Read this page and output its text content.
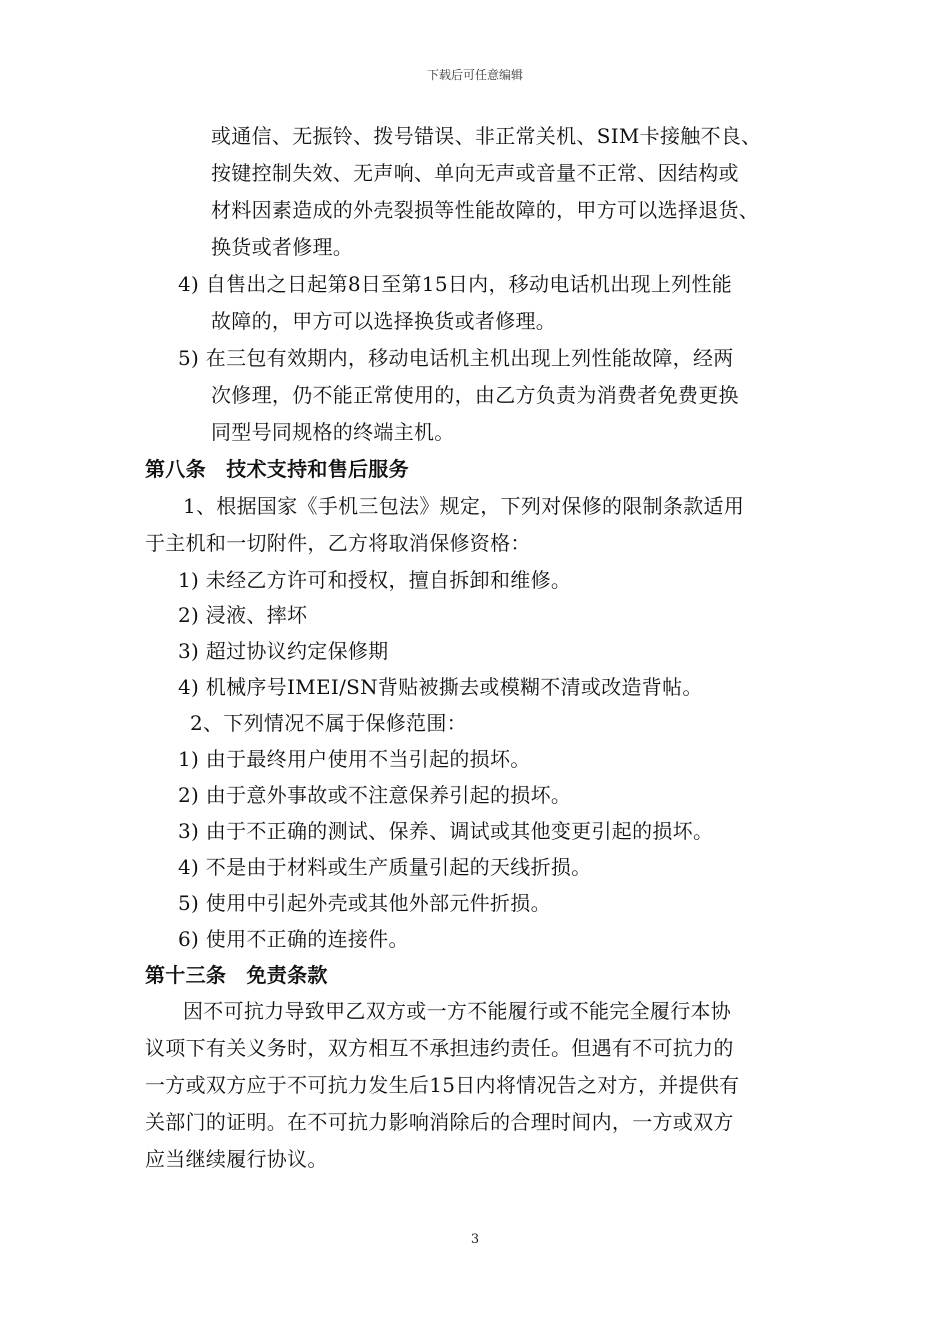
下载后可任意编辑
或通信、无振铃、拨号错误、非正常关机、SIM卡接触不良、
按键控制失效、无声响、单向无声或音量不正常、因结构或
材料因素造成的外壳裂损等性能故障的，甲方可以选择退货、
换货或者修理。
4) 自售出之日起第8日至第15日内，移动电话机出现上列性能
故障的，甲方可以选择换货或者修理。
5) 在三包有效期内，移动电话机主机出现上列性能故障，经两
次修理，仍不能正常使用的，由乙方负责为消费者免费更换
同型号同规格的终端主机。
第八条　技术支持和售后服务
1、根据国家《手机三包法》规定，下列对保修的限制条款适用
于主机和一切附件，乙方将取消保修资格：
1) 未经乙方许可和授权，擅自拆卸和维修。
2) 浸液、摔坏
3) 超过协议约定保修期
4) 机械序号IMEI/SN背贴被撕去或模糊不清或改造背帖。
2、下列情况不属于保修范围：
1) 由于最终用户使用不当引起的损坏。
2) 由于意外事故或不注意保养引起的损坏。
3) 由于不正确的测试、保养、调试或其他变更引起的损坏。
4) 不是由于材料或生产质量引起的天线折损。
5) 使用中引起外壳或其他外部元件折损。
6) 使用不正确的连接件。
第十三条　免责条款
因不可抗力导致甲乙双方或一方不能履行或不能完全履行本协
议项下有关义务时，双方相互不承担违约责任。但遇有不可抗力的
一方或双方应于不可抗力发生后15日内将情况告之对方，并提供有
关部门的证明。在不可抗力影响消除后的合理时间内，一方或双方
应当继续履行协议。
3
